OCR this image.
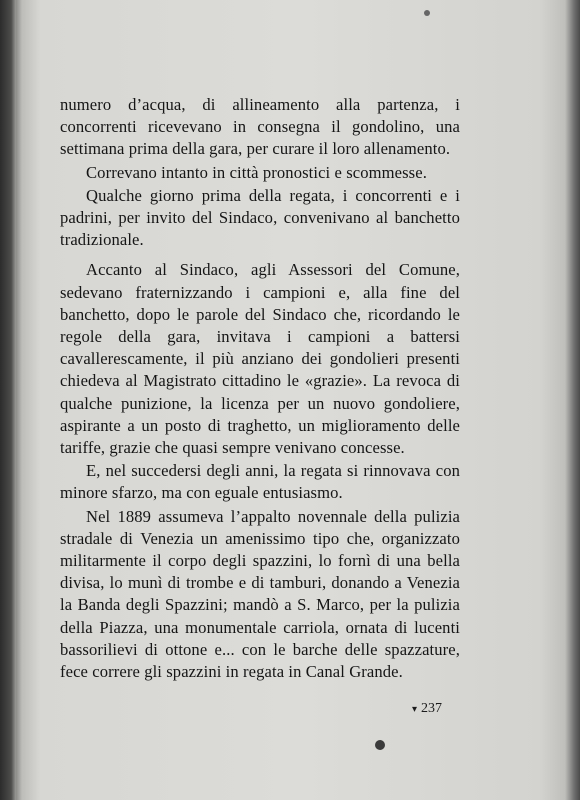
numero d’acqua, di allineamento alla partenza, i concorrenti ricevevano in consegna il gondolino, una settimana prima della gara, per curare il loro allenamento.

Correvano intanto in città pronostici e scommesse.

Qualche giorno prima della regata, i concorrenti e i padrini, per invito del Sindaco, convenivano al banchetto tradizionale.

Accanto al Sindaco, agli Assessori del Comune, sedevano fraternizzando i campioni e, alla fine del banchetto, dopo le parole del Sindaco che, ricordando le regole della gara, invitava i campioni a battersi cavallerescamente, il più anziano dei gondolieri presenti chiedeva al Magistrato cittadino le «grazie». La revoca di qualche punizione, la licenza per un nuovo gondoliere, aspirante a un posto di traghetto, un miglioramento delle tariffe, grazie che quasi sempre venivano concesse.

E, nel succedersi degli anni, la regata si rinnovava con minore sfarzo, ma con eguale entusiasmo.

Nel 1889 assumeva l’appalto novennale della pulizia stradale di Venezia un amenissimo tipo che, organizzato militarmente il corpo degli spazzini, lo fornì di una bella divisa, lo munì di trombe e di tamburi, donando a Venezia la Banda degli Spazzini; mandò a S. Marco, per la pulizia della Piazza, una monumentale carriola, ornata di lucenti bassorilievi di ottone e... con le barche delle spazzature, fece correre gli spazzini in regata in Canal Grande.

▾ 237
